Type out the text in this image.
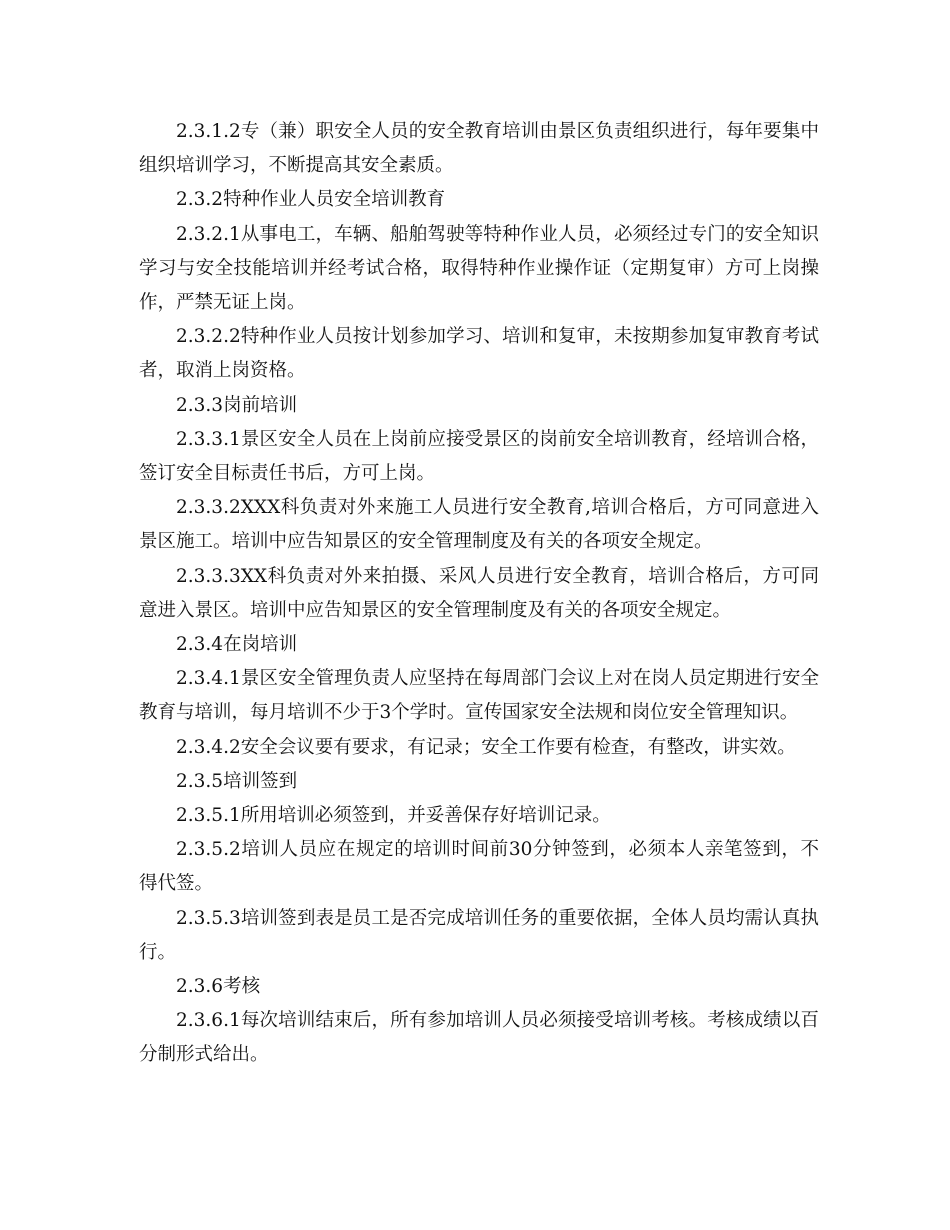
2.3.1.2专（兼）职安全人员的安全教育培训由景区负责组织进行，每年要集中组织培训学习，不断提高其安全素质。

2.3.2特种作业人员安全培训教育

2.3.2.1从事电工，车辆、船舶驾驶等特种作业人员，必须经过专门的安全知识学习与安全技能培训并经考试合格，取得特种作业操作证（定期复审）方可上岗操作，严禁无证上岗。

2.3.2.2特种作业人员按计划参加学习、培训和复审，未按期参加复审教育考试者，取消上岗资格。

2.3.3岗前培训

2.3.3.1景区安全人员在上岗前应接受景区的岗前安全培训教育，经培训合格，签订安全目标责任书后，方可上岗。

2.3.3.2XXX科负责对外来施工人员进行安全教育,培训合格后，方可同意进入景区施工。培训中应告知景区的安全管理制度及有关的各项安全规定。

2.3.3.3XX科负责对外来拍摄、采风人员进行安全教育，培训合格后，方可同意进入景区。培训中应告知景区的安全管理制度及有关的各项安全规定。

2.3.4在岗培训

2.3.4.1景区安全管理负责人应坚持在每周部门会议上对在岗人员定期进行安全教育与培训，每月培训不少于3个学时。宣传国家安全法规和岗位安全管理知识。

2.3.4.2安全会议要有要求，有记录；安全工作要有检查，有整改，讲实效。

2.3.5培训签到

2.3.5.1所用培训必须签到，并妥善保存好培训记录。

2.3.5.2培训人员应在规定的培训时间前30分钟签到，必须本人亲笔签到，不得代签。

2.3.5.3培训签到表是员工是否完成培训任务的重要依据，全体人员均需认真执行。

2.3.6考核

2.3.6.1每次培训结束后，所有参加培训人员必须接受培训考核。考核成绩以百分制形式给出。
